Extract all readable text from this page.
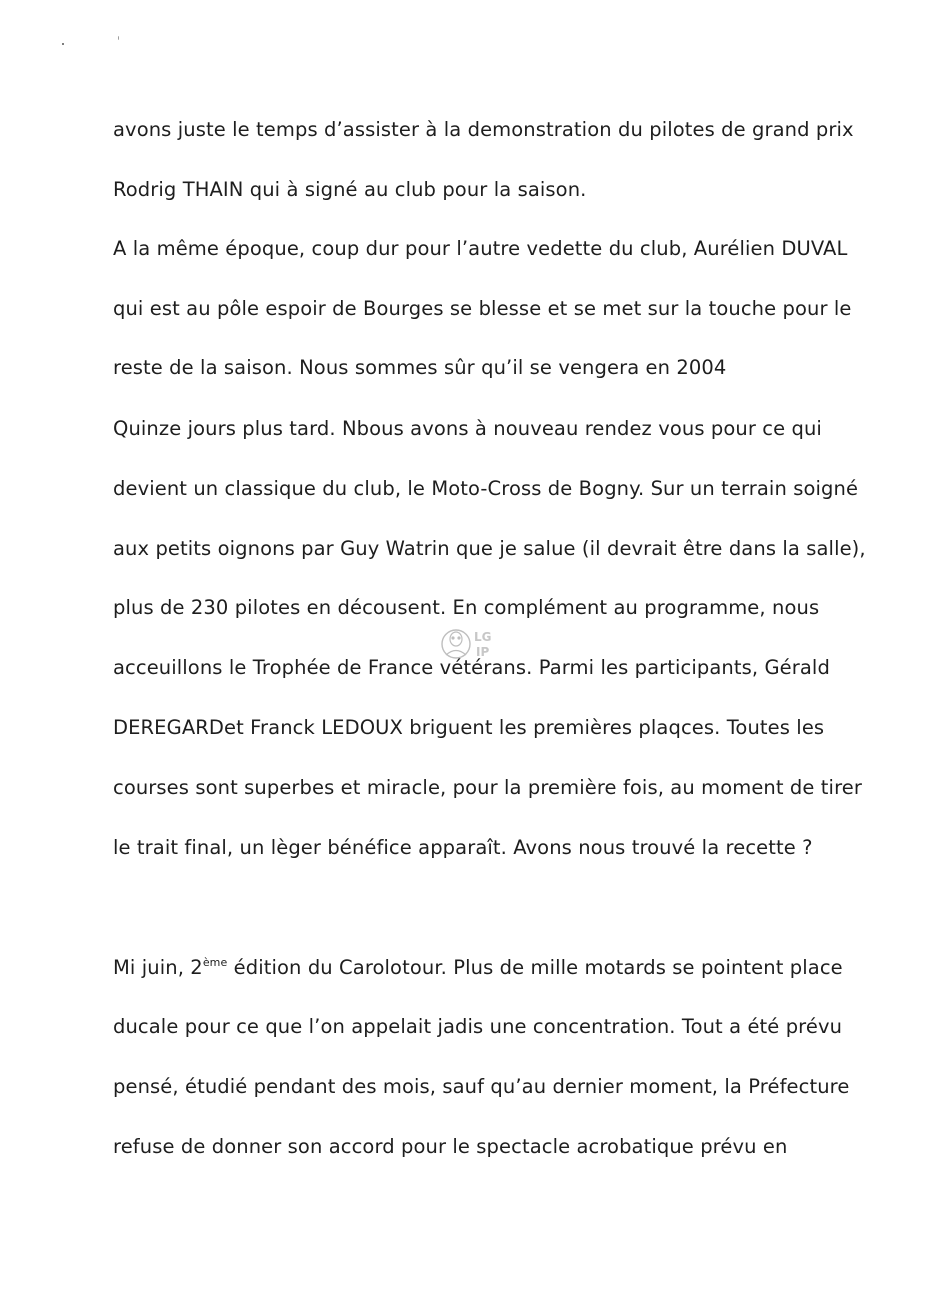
avons juste le temps d’assister à la demonstration du pilotes de grand prix
Rodrig THAIN qui à signé au club pour la saison.
A la même époque, coup dur pour l’autre vedette du club, Aurélien DUVAL
qui est au pôle espoir de Bourges se blesse et se met sur la touche pour le
reste de la saison. Nous sommes sûr qu’il se vengera en 2004
Quinze jours plus tard. Nbous avons à nouveau rendez vous pour ce qui
devient un classique du club, le Moto-Cross de Bogny. Sur un terrain soigné
aux petits oignons par Guy Watrin que je salue (il devrait être dans la salle),
plus de 230 pilotes en décousent. En complément au programme, nous
acceuillons le Trophée de France vétérans. Parmi les participants, Gérald
DEREGARDet Franck LEDOUX briguent les premières plaqces. Toutes les
courses sont superbes et miracle, pour la première fois, au moment de tirer
le trait final, un lèger bénéfice apparaît. Avons nous trouvé la recette ?
Mi juin, 2ème édition du Carolotour. Plus de mille motards se pointent place
ducale pour ce que l’on appelait jadis une concentration. Tout a été prévu
pensé, étudié pendant des mois, sauf qu’au dernier moment, la Préfecture
refuse de donner son accord pour le spectacle acrobatique prévu en
LG
IP
